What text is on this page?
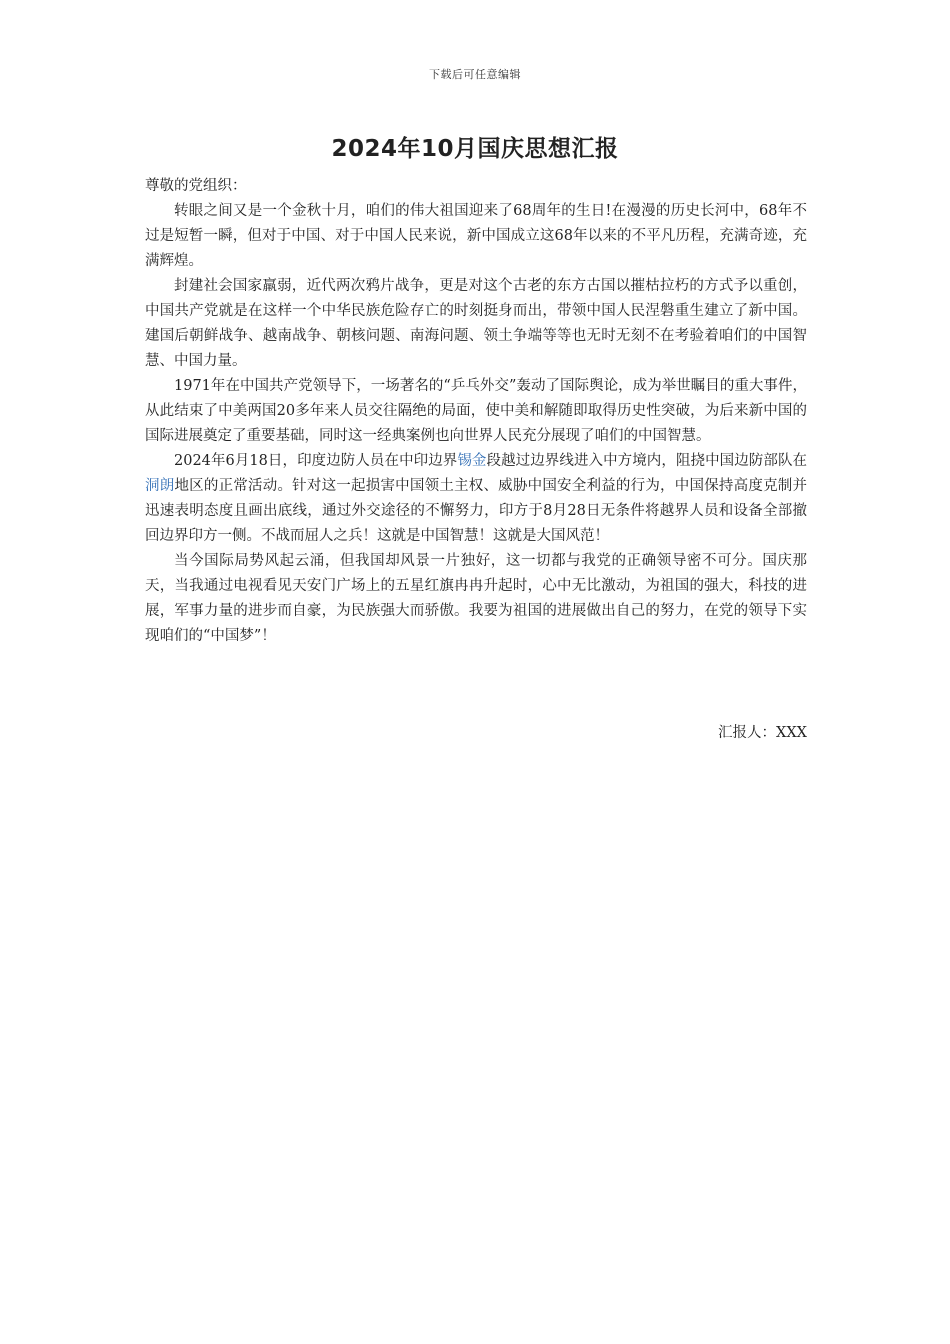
下载后可任意编辑
2024年10月国庆思想汇报

尊敬的党组织：

转眼之间又是一个金秋十月，咱们的伟大祖国迎来了68周年的生日!在漫漫的历史长河中，68年不过是短暂一瞬，但对于中国、对于中国人民来说，新中国成立这68年以来的不平凡历程，充满奇迹，充满辉煌。

封建社会国家羸弱，近代两次鸦片战争，更是对这个古老的东方古国以摧枯拉朽的方式予以重创，中国共产党就是在这样一个中华民族危险存亡的时刻挺身而出，带领中国人民涅磐重生建立了新中国。建国后朝鲜战争、越南战争、朝核问题、南海问题、领土争端等等也无时无刻不在考验着咱们的中国智慧、中国力量。

1971年在中国共产党领导下，一场著名的“乒乓外交”轰动了国际舆论，成为举世瞩目的重大事件，从此结束了中美两国20多年来人员交往隔绝的局面，使中美和解随即取得历史性突破，为后来新中国的国际进展奠定了重要基础，同时这一经典案例也向世界人民充分展现了咱们的中国智慧。

2024年6月18日，印度边防人员在中印边界锡金段越过边界线进入中方境内，阻挠中国边防部队在洞朗地区的正常活动。针对这一起损害中国领土主权、威胁中国安全利益的行为，中国保持高度克制并迅速表明态度且画出底线，通过外交途径的不懈努力，印方于8月28日无条件将越界人员和设备全部撤回边界印方一侧。不战而屈人之兵！这就是中国智慧！这就是大国风范！

当今国际局势风起云涌，但我国却风景一片独好，这一切都与我党的正确领导密不可分。国庆那天，当我通过电视看见天安门广场上的五星红旗冉冉升起时，心中无比激动，为祖国的强大，科技的进展，军事力量的进步而自豪，为民族强大而骄傲。我要为祖国的进展做出自己的努力，在党的领导下实现咱们的“中国梦”！

汇报人：XXX
